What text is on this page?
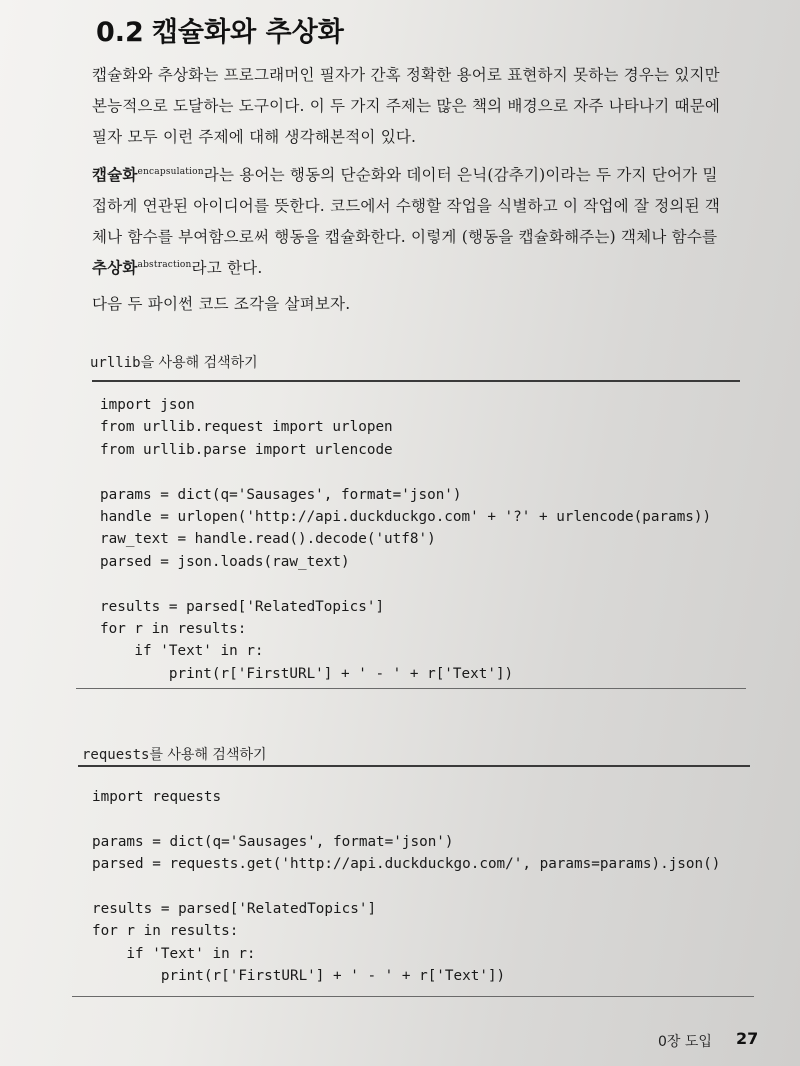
0.2 캡슐화와 추상화
캡슐화와 추상화는 프로그래머인 필자가 간혹 정확한 용어로 표현하지 못하는 경우는 있지만
본능적으로 도달하는 도구이다. 이 두 가지 주제는 많은 책의 배경으로 자주 나타나기 때문에
필자 모두 이런 주제에 대해 생각해본적이 있다.
캡슐화$^{encapsulation}$라는 용어는 행동의 단순화와 데이터 은닉(감추기)이라는 두 가지 단어가 밀
접하게 연관된 아이디어를 뜻한다. 코드에서 수행할 작업을 식별하고 이 작업에 잘 정의된 객
체나 함수를 부여함으로써 행동을 캡슐화한다. 이렇게 (행동을 캡슐화해주는) 객체나 함수를
추상화$^{abstraction}$라고 한다.
다음 두 파이썬 코드 조각을 살펴보자.
urllib을 사용해 검색하기
import json
from urllib.request import urlopen
from urllib.parse import urlencode
params = dict(q='Sausages', format='json')
handle = urlopen('http://api.duckduckgo.com' + '?' + urlencode(params))
raw_text = handle.read().decode('utf8')
parsed = json.loads(raw_text)
results = parsed['RelatedTopics']
for r in results:
if 'Text' in r:
print(r['FirstURL'] + ' - ' + r['Text'])
requests를 사용해 검색하기
import requests
params = dict(q='Sausages', format='json')
parsed = requests.get('http://api.duckduckgo.com/', params=params).json()
results = parsed['RelatedTopics']
for r in results:
if 'Text' in r:
print(r['FirstURL'] + ' - ' + r['Text'])
0장 도입 27
